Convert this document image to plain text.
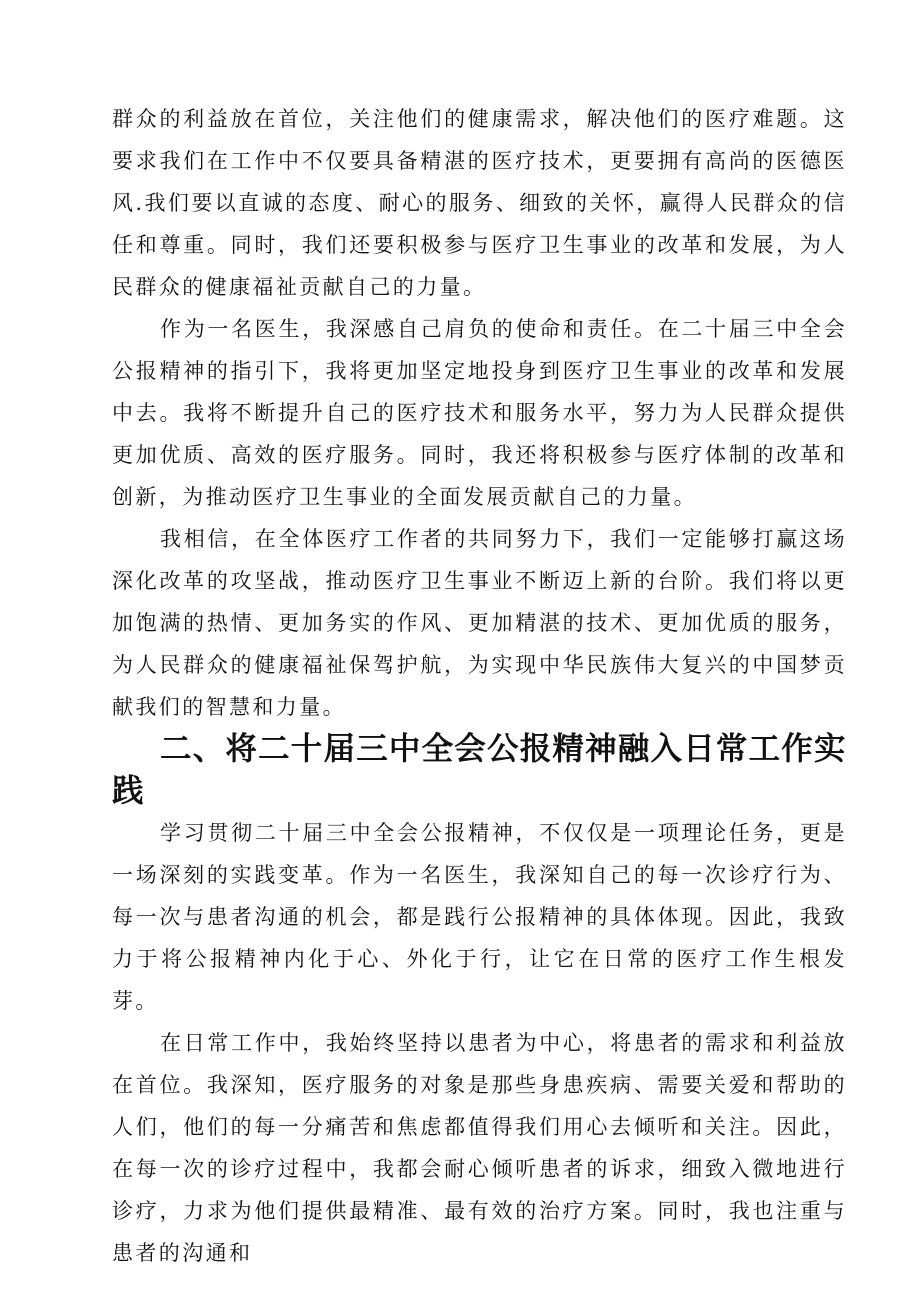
群众的利益放在首位，关注他们的健康需求，解决他们的医疗难题。这要求我们在工作中不仅要具备精湛的医疗技术，更要拥有高尚的医德医风.我们要以直诚的态度、耐心的服务、细致的关怀，赢得人民群众的信任和尊重。同时，我们还要积极参与医疗卫生事业的改革和发展，为人民群众的健康福祉贡献自己的力量。

作为一名医生，我深感自己肩负的使命和责任。在二十届三中全会公报精神的指引下，我将更加坚定地投身到医疗卫生事业的改革和发展中去。我将不断提升自己的医疗技术和服务水平，努力为人民群众提供更加优质、高效的医疗服务。同时，我还将积极参与医疗体制的改革和创新，为推动医疗卫生事业的全面发展贡献自己的力量。

我相信，在全体医疗工作者的共同努力下，我们一定能够打赢这场深化改革的攻坚战，推动医疗卫生事业不断迈上新的台阶。我们将以更加饱满的热情、更加务实的作风、更加精湛的技术、更加优质的服务，为人民群众的健康福祉保驾护航，为实现中华民族伟大复兴的中国梦贡献我们的智慧和力量。

二、将二十届三中全会公报精神融入日常工作实践

学习贯彻二十届三中全会公报精神，不仅仅是一项理论任务，更是一场深刻的实践变革。作为一名医生，我深知自己的每一次诊疗行为、每一次与患者沟通的机会，都是践行公报精神的具体体现。因此，我致力于将公报精神内化于心、外化于行，让它在日常的医疗工作生根发芽。

在日常工作中，我始终坚持以患者为中心，将患者的需求和利益放在首位。我深知，医疗服务的对象是那些身患疾病、需要关爱和帮助的人们，他们的每一分痛苦和焦虑都值得我们用心去倾听和关注。因此，在每一次的诊疗过程中，我都会耐心倾听患者的诉求，细致入微地进行诊疗，力求为他们提供最精准、最有效的治疗方案。同时，我也注重与患者的沟通和
